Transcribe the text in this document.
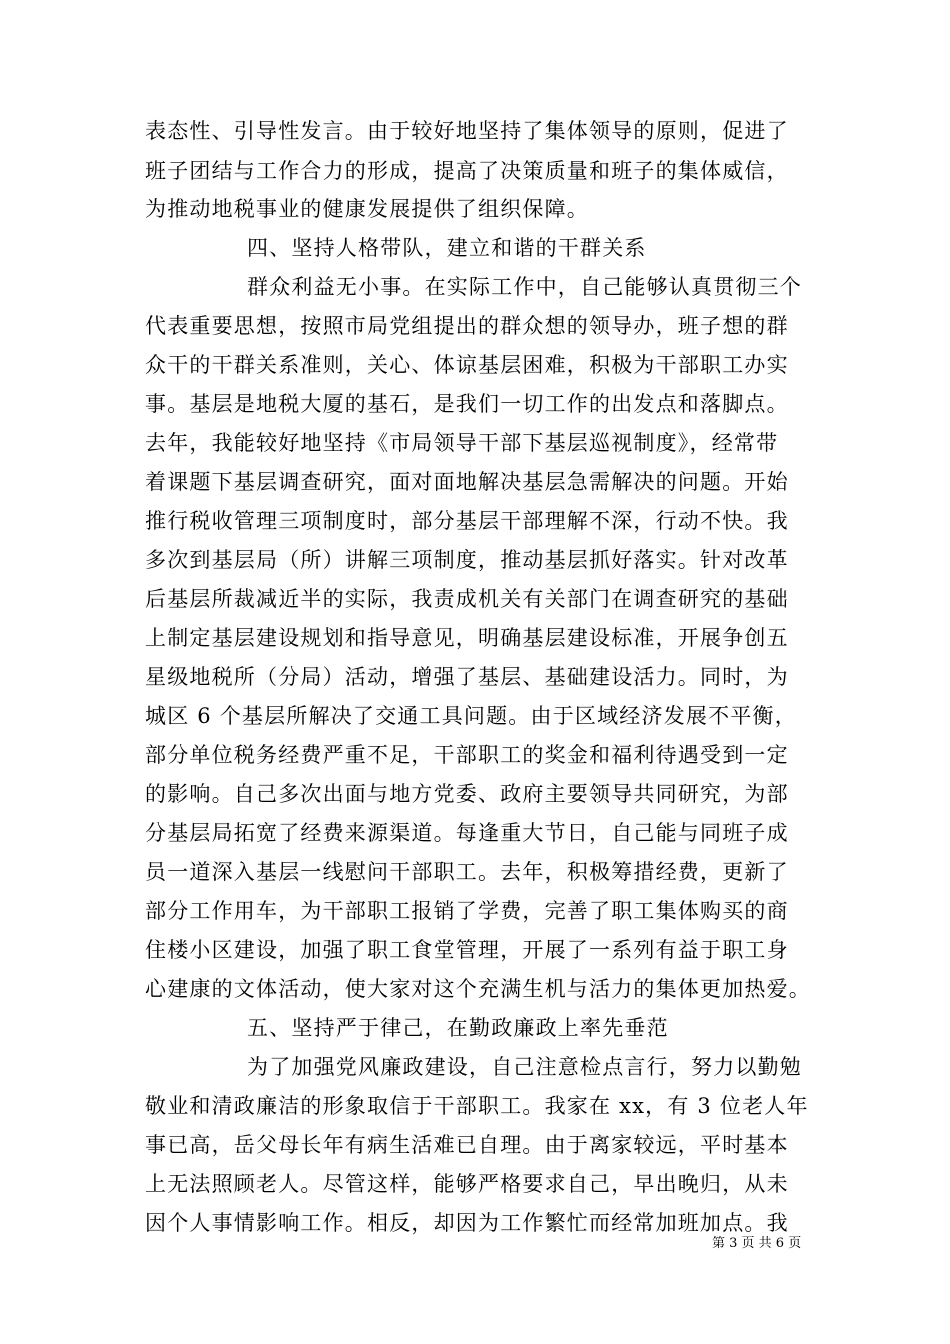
表态性、引导性发言。由于较好地坚持了集体领导的原则，促进了
班子团结与工作合力的形成，提高了决策质量和班子的集体威信，
为推动地税事业的健康发展提供了组织保障。
四、坚持人格带队，建立和谐的干群关系
群众利益无小事。在实际工作中，自己能够认真贯彻三个
代表重要思想，按照市局党组提出的群众想的领导办，班子想的群
众干的干群关系准则，关心、体谅基层困难，积极为干部职工办实
事。基层是地税大厦的基石，是我们一切工作的出发点和落脚点。
去年，我能较好地坚持《市局领导干部下基层巡视制度》，经常带
着课题下基层调查研究，面对面地解决基层急需解决的问题。开始
推行税收管理三项制度时，部分基层干部理解不深，行动不快。我
多次到基层局（所）讲解三项制度，推动基层抓好落实。针对改革
后基层所裁减近半的实际，我责成机关有关部门在调查研究的基础
上制定基层建设规划和指导意见，明确基层建设标准，开展争创五
星级地税所（分局）活动，增强了基层、基础建设活力。同时，为
城区 6 个基层所解决了交通工具问题。由于区域经济发展不平衡，
部分单位税务经费严重不足，干部职工的奖金和福利待遇受到一定
的影响。自己多次出面与地方党委、政府主要领导共同研究，为部
分基层局拓宽了经费来源渠道。每逢重大节日，自己能与同班子成
员一道深入基层一线慰问干部职工。去年，积极筹措经费，更新了
部分工作用车，为干部职工报销了学费，完善了职工集体购买的商
住楼小区建设，加强了职工食堂管理，开展了一系列有益于职工身
心建康的文体活动，使大家对这个充满生机与活力的集体更加热爱。
五、坚持严于律己，在勤政廉政上率先垂范
为了加强党风廉政建设，自己注意检点言行，努力以勤勉
敬业和清政廉洁的形象取信于干部职工。我家在 xx，有 3 位老人年
事已高，岳父母长年有病生活难已自理。由于离家较远，平时基本
上无法照顾老人。尽管这样，能够严格要求自己，早出晚归，从未
因个人事情影响工作。相反，却因为工作繁忙而经常加班加点。我
第 3 页 共 6 页
